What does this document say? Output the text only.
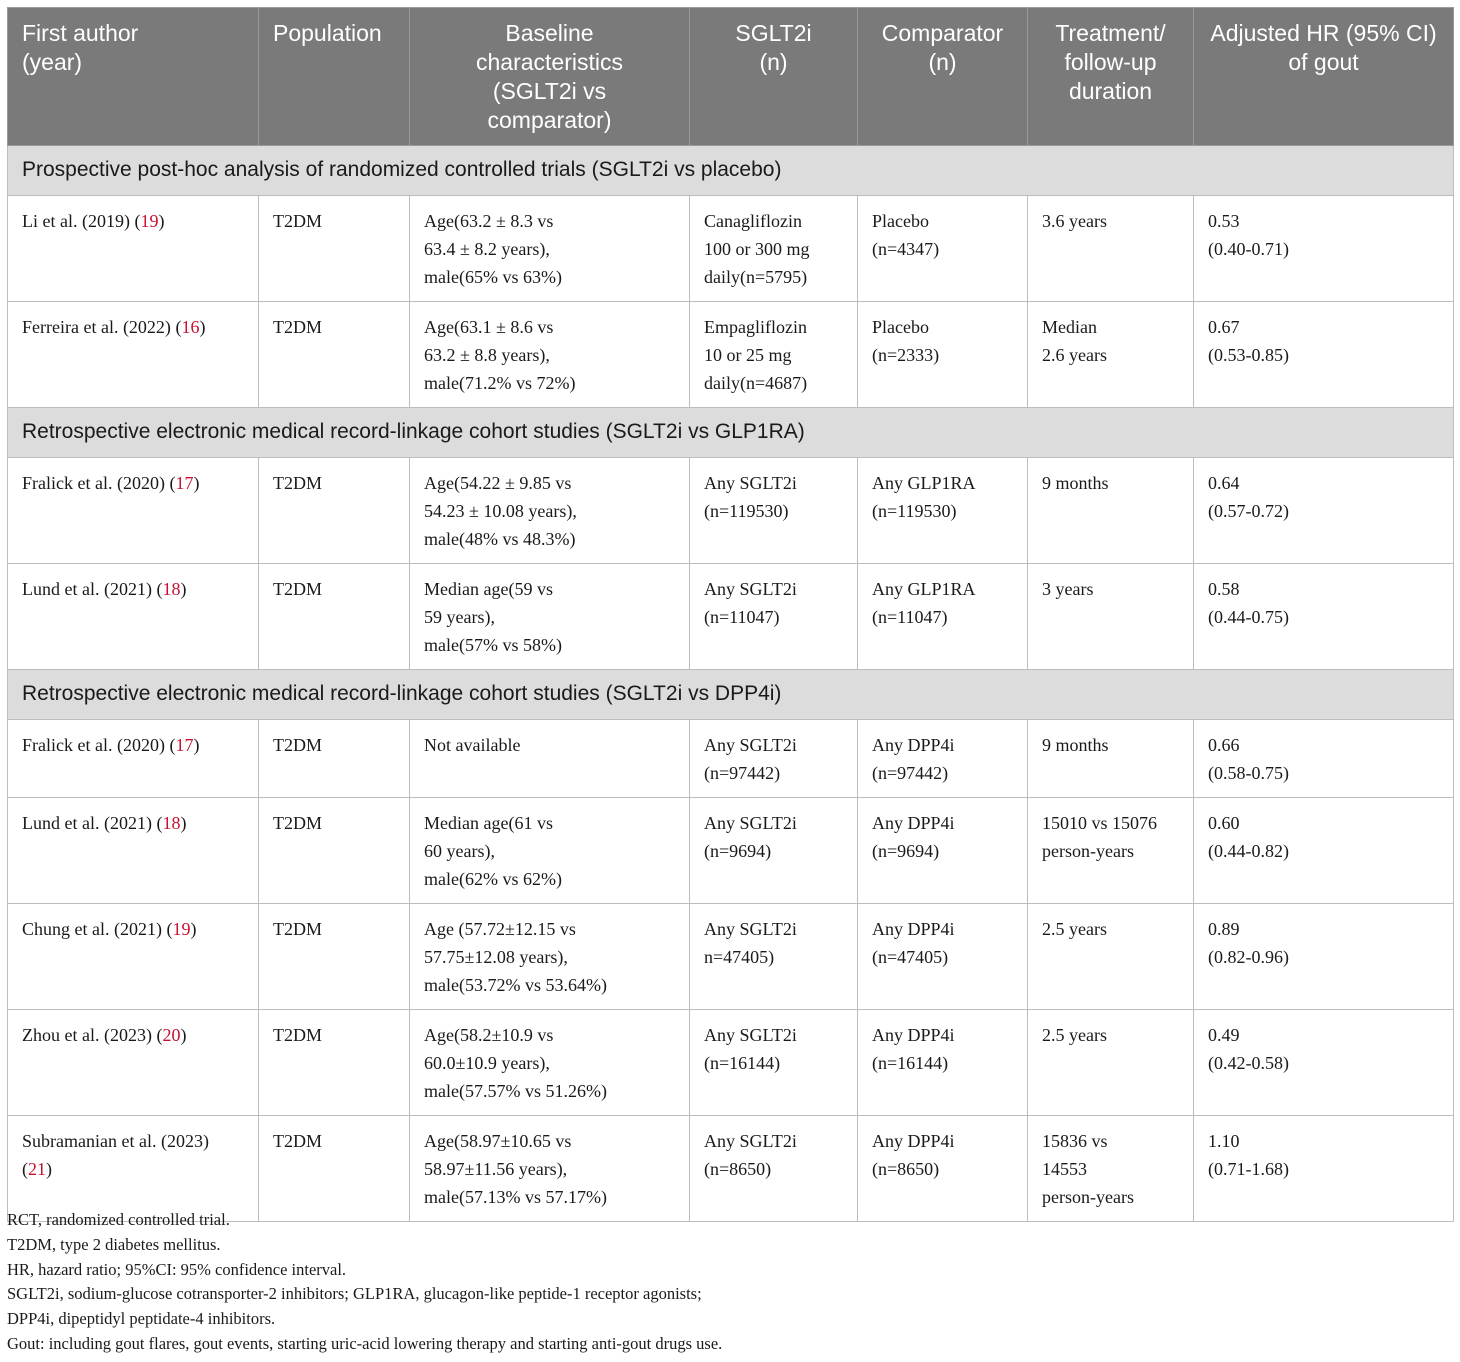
First author
(year)	Population	Baseline
characteristics
(SGLT2i vs
comparator)	SGLT2i
(n)	Comparator
(n)	Treatment/
follow-up
duration	Adjusted HR (95% CI)
of gout

Prospective post-hoc analysis of randomized controlled trials (SGLT2i vs placebo)						
Li et al. (2019) (19)	T2DM	Age(63.2 ± 8.3 vs
63.4 ± 8.2 years),
male(65% vs 63%)	Canagliflozin
100 or 300 mg
daily(n=5795)	Placebo
(n=4347)	3.6 years	0.53
(0.40-0.71)

Ferreira et al. (2022) (16)	T2DM	Age(63.1 ± 8.6 vs
63.2 ± 8.8 years),
male(71.2% vs 72%)	Empagliflozin
10 or 25 mg
daily(n=4687)	Placebo
(n=2333)	Median
2.6 years	0.67
(0.53-0.85)

Retrospective electronic medical record-linkage cohort studies (SGLT2i vs GLP1RA)						
Fralick et al. (2020) (17)	T2DM	Age(54.22 ± 9.85 vs
54.23 ± 10.08 years),
male(48% vs 48.3%)	Any SGLT2i
(n=119530)	Any GLP1RA
(n=119530)	9 months	0.64
(0.57-0.72)

Lund et al. (2021) (18)	T2DM	Median age(59 vs
59 years),
male(57% vs 58%)	Any SGLT2i
(n=11047)	Any GLP1RA
(n=11047)	3 years	0.58
(0.44-0.75)

Retrospective electronic medical record-linkage cohort studies (SGLT2i vs DPP4i)						
Fralick et al. (2020) (17)	T2DM	Not available	Any SGLT2i
(n=97442)	Any DPP4i
(n=97442)	9 months	0.66
(0.58-0.75)

Lund et al. (2021) (18)	T2DM	Median age(61 vs
60 years),
male(62% vs 62%)	Any SGLT2i
(n=9694)	Any DPP4i
(n=9694)	15010 vs 15076
person-years	0.60
(0.44-0.82)

Chung et al. (2021) (19)	T2DM	Age (57.72±12.15 vs
57.75±12.08 years),
male(53.72% vs 53.64%)	Any SGLT2i
n=47405)	Any DPP4i
(n=47405)	2.5 years	0.89
(0.82-0.96)

Zhou et al. (2023) (20)	T2DM	Age(58.2±10.9 vs
60.0±10.9 years),
male(57.57% vs 51.26%)	Any SGLT2i
(n=16144)	Any DPP4i
(n=16144)	2.5 years	0.49
(0.42-0.58)

Subramanian et al. (2023)
(21)	T2DM	Age(58.97±10.65 vs
58.97±11.56 years),
male(57.13% vs 57.17%)	Any SGLT2i
(n=8650)	Any DPP4i
(n=8650)	15836 vs
14553
person-years	1.10
(0.71-1.68)
RCT, randomized controlled trial.
T2DM, type 2 diabetes mellitus.
HR, hazard ratio; 95%CI: 95% confidence interval.
SGLT2i, sodium-glucose cotransporter-2 inhibitors; GLP1RA, glucagon-like peptide-1 receptor agonists;
DPP4i, dipeptidyl peptidate-4 inhibitors.
Gout: including gout flares, gout events, starting uric-acid lowering therapy and starting anti-gout drugs use.
